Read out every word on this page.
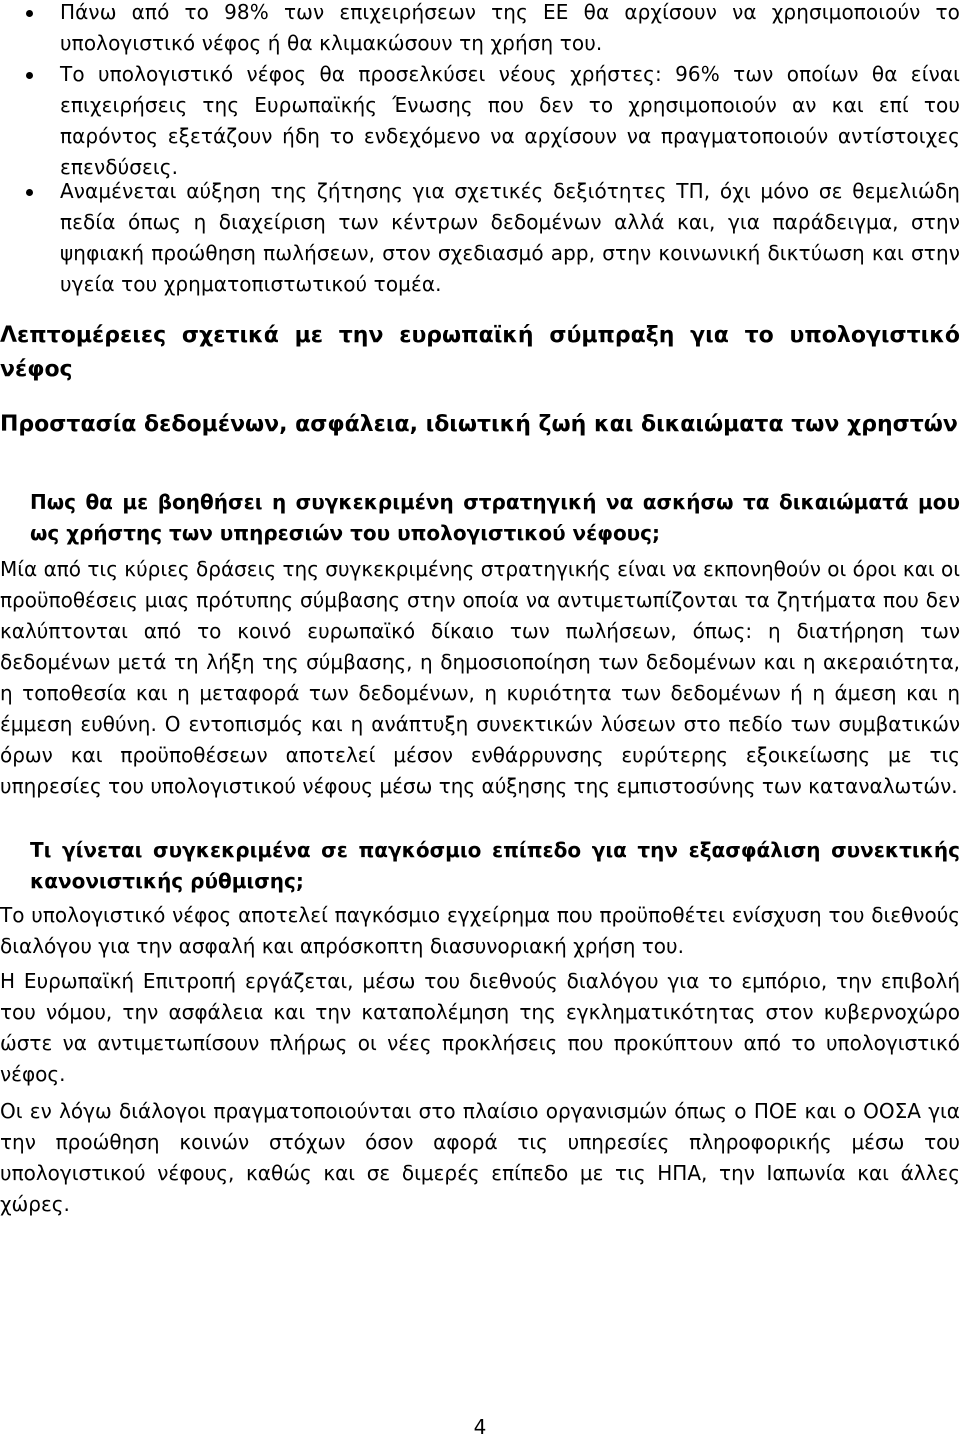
Πάνω από το 98% των επιχειρήσεων της ΕΕ θα αρχίσουν να χρησιμοποιούν το υπολογιστικό νέφος ή θα κλιμακώσουν τη χρήση του.
Το υπολογιστικό νέφος θα προσελκύσει νέους χρήστες: 96% των οποίων θα είναι επιχειρήσεις της Ευρωπαϊκής Ένωσης που δεν το χρησιμοποιούν αν και επί του παρόντος εξετάζουν ήδη το ενδεχόμενο να αρχίσουν να πραγματοποιούν αντίστοιχες επενδύσεις.
Αναμένεται αύξηση της ζήτησης για σχετικές δεξιότητες ΤΠ, όχι μόνο σε θεμελιώδη πεδία όπως η διαχείριση των κέντρων δεδομένων αλλά και, για παράδειγμα, στην ψηφιακή προώθηση πωλήσεων, στον σχεδιασμό app, στην κοινωνική δικτύωση και στην υγεία του χρηματοπιστωτικού τομέα.
Λεπτομέρειες σχετικά με την ευρωπαϊκή σύμπραξη για το υπολογιστικό νέφος
Προστασία δεδομένων, ασφάλεια, ιδιωτική ζωή και δικαιώματα των χρηστών
Πως θα με βοηθήσει η συγκεκριμένη στρατηγική να ασκήσω τα δικαιώματά μου ως χρήστης των υπηρεσιών του υπολογιστικού νέφους;

Μία από τις κύριες δράσεις της συγκεκριμένης στρατηγικής είναι να εκπονηθούν οι όροι και οι προϋποθέσεις μιας πρότυπης σύμβασης στην οποία να αντιμετωπίζονται τα ζητήματα που δεν καλύπτονται από το κοινό ευρωπαϊκό δίκαιο των πωλήσεων, όπως: η διατήρηση των δεδομένων μετά τη λήξη της σύμβασης, η δημοσιοποίηση των δεδομένων και η ακεραιότητα, η τοποθεσία και η μεταφορά των δεδομένων, η κυριότητα των δεδομένων ή η άμεση και η έμμεση ευθύνη. Ο εντοπισμός και η ανάπτυξη συνεκτικών λύσεων στο πεδίο των συμβατικών όρων και προϋποθέσεων αποτελεί μέσον ενθάρρυνσης ευρύτερης εξοικείωσης με τις υπηρεσίες του υπολογιστικού νέφους μέσω της αύξησης της εμπιστοσύνης των καταναλωτών.

Τι γίνεται συγκεκριμένα σε παγκόσμιο επίπεδο για την εξασφάλιση συνεκτικής κανονιστικής ρύθμισης;

Το υπολογιστικό νέφος αποτελεί παγκόσμιο εγχείρημα που προϋποθέτει ενίσχυση του διεθνούς διαλόγου για την ασφαλή και απρόσκοπτη διασυνοριακή χρήση του.

Η Ευρωπαϊκή Επιτροπή εργάζεται, μέσω του διεθνούς διαλόγου για το εμπόριο, την επιβολή του νόμου, την ασφάλεια και την καταπολέμηση της εγκληματικότητας στον κυβερνοχώρο ώστε να αντιμετωπίσουν πλήρως οι νέες προκλήσεις που προκύπτουν από το υπολογιστικό νέφος.

Οι εν λόγω διάλογοι πραγματοποιούνται στο πλαίσιο οργανισμών όπως ο ΠΟΕ και ο ΟΟΣΑ για την προώθηση κοινών στόχων όσον αφορά τις υπηρεσίες πληροφορικής μέσω του υπολογιστικού νέφους, καθώς και σε διμερές επίπεδο με τις ΗΠΑ, την Ιαπωνία και άλλες χώρες.

4
